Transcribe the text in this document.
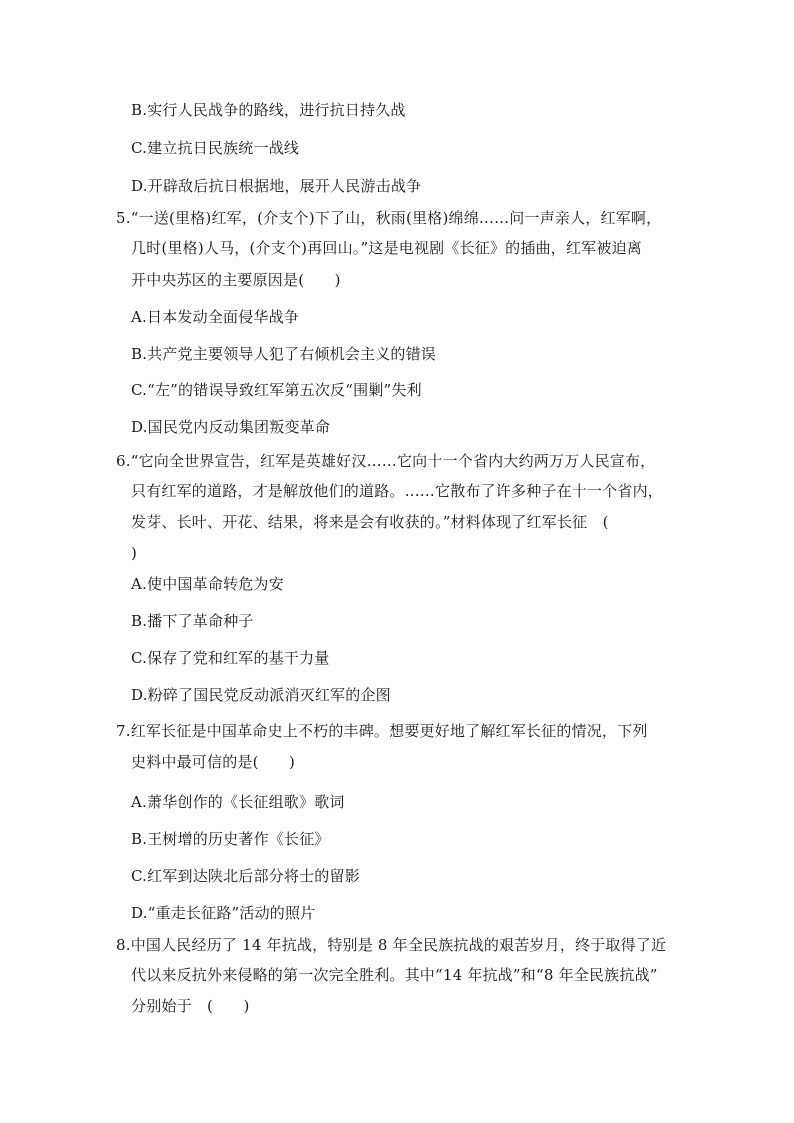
B.实行人民战争的路线，进行抗日持久战
C.建立抗日民族统一战线
D.开辟敌后抗日根据地，展开人民游击战争
5.“一送(里格)红军，(介支个)下了山，秋雨(里格)绵绵……问一声亲人，红军啊，
几时(里格)人马，(介支个)再回山。”这是电视剧《长征》的插曲，红军被迫离
开中央苏区的主要原因是(　　)
A.日本发动全面侵华战争
B.共产党主要领导人犯了右倾机会主义的错误
C.“左”的错误导致红军第五次反“围剿”失利
D.国民党内反动集团叛变革命
6.“它向全世界宣告，红军是英雄好汉……它向十一个省内大约两万万人民宣布，
只有红军的道路，才是解放他们的道路。……它散布了许多种子在十一个省内，
发芽、长叶、开花、结果，将来是会有收获的。”材料体现了红军长征　(
)
A.使中国革命转危为安
B.播下了革命种子
C.保存了党和红军的基干力量
D.粉碎了国民党反动派消灭红军的企图
7.红军长征是中国革命史上不朽的丰碑。想要更好地了解红军长征的情况，下列
史料中最可信的是(　　)
A.萧华创作的《长征组歌》歌词
B.王树增的历史著作《长征》
C.红军到达陕北后部分将士的留影
D.“重走长征路”活动的照片
8.中国人民经历了 14 年抗战，特别是 8 年全民族抗战的艰苦岁月，终于取得了近
代以来反抗外来侵略的第一次完全胜利。其中“14 年抗战”和“8 年全民族抗战”
分别始于　(　　)
